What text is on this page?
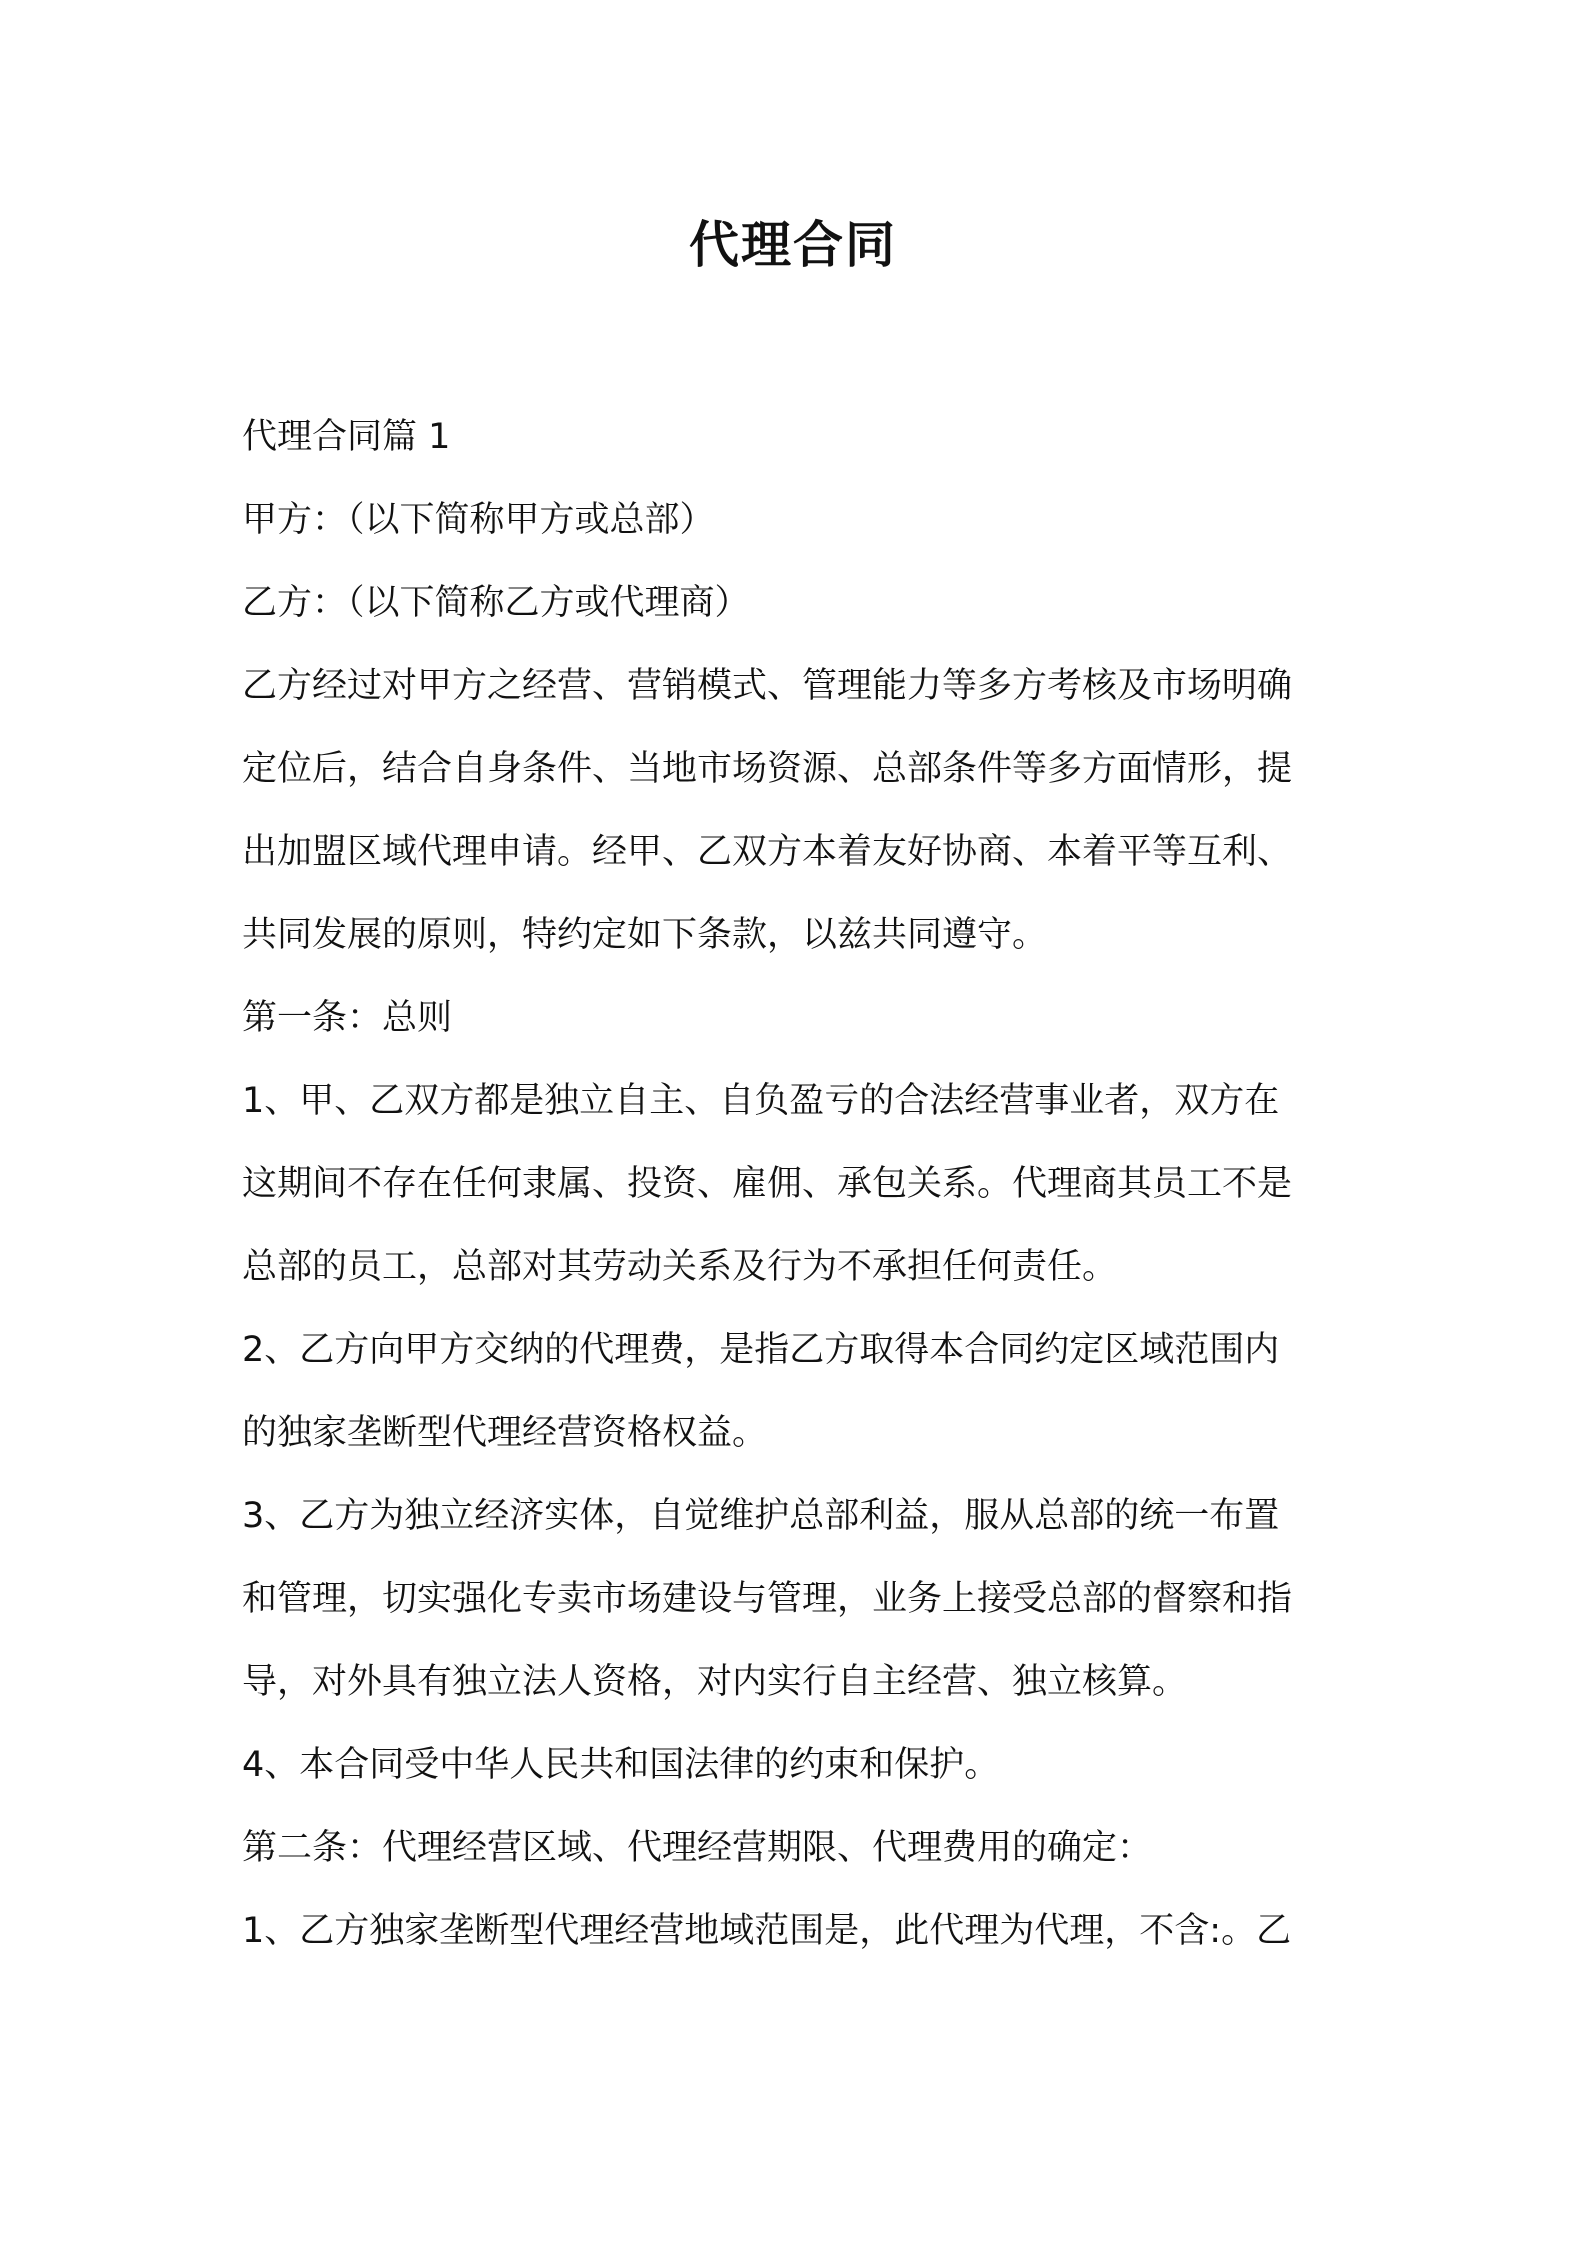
代理合同
代理合同篇 1
甲方：（以下简称甲方或总部）
乙方：（以下简称乙方或代理商）
乙方经过对甲方之经营、营销模式、管理能力等多方考核及市场明确
定位后，结合自身条件、当地市场资源、总部条件等多方面情形，提
出加盟区域代理申请。经甲、乙双方本着友好协商、本着平等互利、
共同发展的原则，特约定如下条款，以兹共同遵守。
第一条：总则
1、甲、乙双方都是独立自主、自负盈亏的合法经营事业者，双方在
这期间不存在任何隶属、投资、雇佣、承包关系。代理商其员工不是
总部的员工，总部对其劳动关系及行为不承担任何责任。
2、乙方向甲方交纳的代理费，是指乙方取得本合同约定区域范围内
的独家垄断型代理经营资格权益。
3、乙方为独立经济实体，自觉维护总部利益，服从总部的统一布置
和管理，切实强化专卖市场建设与管理，业务上接受总部的督察和指
导，对外具有独立法人资格，对内实行自主经营、独立核算。
4、本合同受中华人民共和国法律的约束和保护。
第二条：代理经营区域、代理经营期限、代理费用的确定：
1、乙方独家垄断型代理经营地域范围是，此代理为代理，不含:。乙
